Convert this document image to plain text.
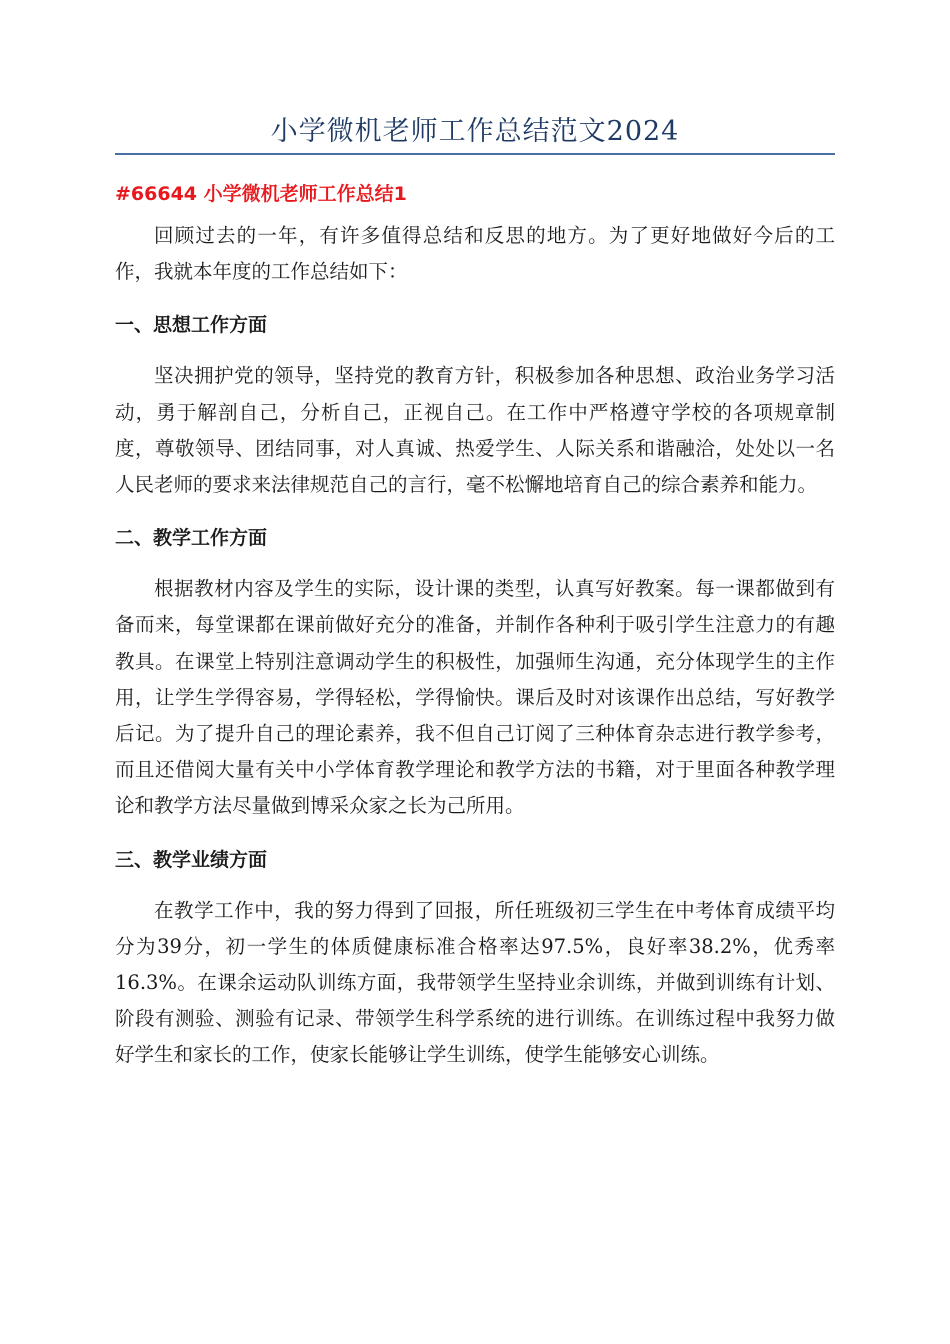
小学微机老师工作总结范文2024

#66644 小学微机老师工作总结1

回顾过去的一年，有许多值得总结和反思的地方。为了更好地做好今后的工作，我就本年度的工作总结如下：

一、思想工作方面

坚决拥护党的领导，坚持党的教育方针，积极参加各种思想、政治业务学习活动，勇于解剖自己，分析自己，正视自己。在工作中严格遵守学校的各项规章制度，尊敬领导、团结同事，对人真诚、热爱学生、人际关系和谐融洽，处处以一名人民老师的要求来法律规范自己的言行，毫不松懈地培育自己的综合素养和能力。

二、教学工作方面

根据教材内容及学生的实际，设计课的类型，认真写好教案。每一课都做到有备而来，每堂课都在课前做好充分的准备，并制作各种利于吸引学生注意力的有趣教具。在课堂上特别注意调动学生的积极性，加强师生沟通，充分体现学生的主作用，让学生学得容易，学得轻松，学得愉快。课后及时对该课作出总结，写好教学后记。为了提升自己的理论素养，我不但自己订阅了三种体育杂志进行教学参考，而且还借阅大量有关中小学体育教学理论和教学方法的书籍，对于里面各种教学理论和教学方法尽量做到博采众家之长为己所用。

三、教学业绩方面

在教学工作中，我的努力得到了回报，所任班级初三学生在中考体育成绩平均分为39分，初一学生的体质健康标准合格率达97.5%，良好率38.2%，优秀率16.3%。在课余运动队训练方面，我带领学生坚持业余训练，并做到训练有计划、阶段有测验、测验有记录、带领学生科学系统的进行训练。在训练过程中我努力做好学生和家长的工作，使家长能够让学生训练，使学生能够安心训练。
